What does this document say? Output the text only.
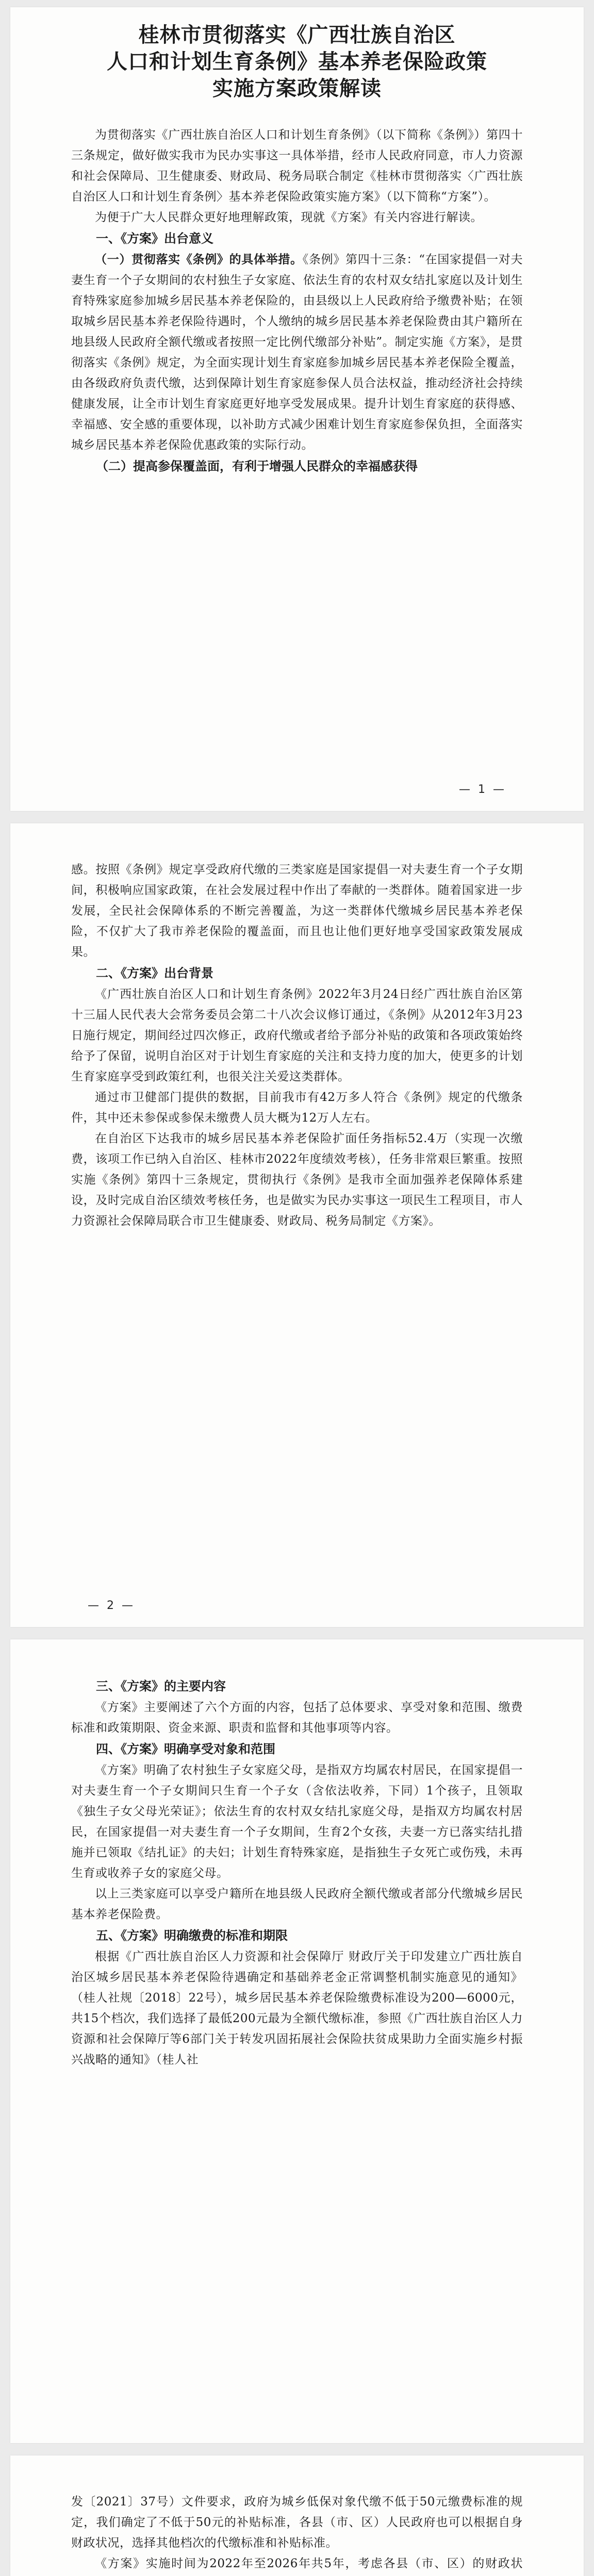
桂林市贯彻落实《广西壮族自治区
人口和计划生育条例》基本养老保险政策
实施方案政策解读

为贯彻落实《广西壮族自治区人口和计划生育条例》（以下简称《条例》）第四十三条规定，做好做实我市为民办实事这一具体举措，经市人民政府同意，市人力资源和社会保障局、卫生健康委、财政局、税务局联合制定《桂林市贯彻落实〈广西壮族自治区人口和计划生育条例〉基本养老保险政策实施方案》（以下简称“方案”）。

为便于广大人民群众更好地理解政策，现就《方案》有关内容进行解读。

一、《方案》出台意义

（一）贯彻落实《条例》的具体举措。《条例》第四十三条：“在国家提倡一对夫妻生育一个子女期间的农村独生子女家庭、依法生育的农村双女结扎家庭以及计划生育特殊家庭参加城乡居民基本养老保险的，由县级以上人民政府给予缴费补贴；在领取城乡居民基本养老保险待遇时，个人缴纳的城乡居民基本养老保险费由其户籍所在地县级人民政府全额代缴或者按照一定比例代缴部分补贴”。制定实施《方案》，是贯彻落实《条例》规定，为全面实现计划生育家庭参加城乡居民基本养老保险全覆盖，由各级政府负责代缴，达到保障计划生育家庭参保人员合法权益，推动经济社会持续健康发展，让全市计划生育家庭更好地享受发展成果。提升计划生育家庭的获得感、幸福感、安全感的重要体现，以补助方式减少困难计划生育家庭参保负担，全面落实城乡居民基本养老保险优惠政策的实际行动。

（二）提高参保覆盖面，有利于增强人民群众的幸福感获得

— 1 —

感。按照《条例》规定享受政府代缴的三类家庭是国家提倡一对夫妻生育一个子女期间，积极响应国家政策，在社会发展过程中作出了奉献的一类群体。随着国家进一步发展，全民社会保障体系的不断完善覆盖，为这一类群体代缴城乡居民基本养老保险，不仅扩大了我市养老保险的覆盖面，而且也让他们更好地享受国家政策发展成果。

二、《方案》出台背景

《广西壮族自治区人口和计划生育条例》2022年3月24日经广西壮族自治区第十三届人民代表大会常务委员会第二十八次会议修订通过，《条例》从2012年3月23日施行规定，期间经过四次修正，政府代缴或者给予部分补贴的政策和各项政策始终给予了保留，说明自治区对于计划生育家庭的关注和支持力度的加大，使更多的计划生育家庭享受到政策红利，也很关注关爱这类群体。

通过市卫健部门提供的数据，目前我市有42万多人符合《条例》规定的代缴条件，其中还未参保或参保未缴费人员大概为12万人左右。

在自治区下达我市的城乡居民基本养老保险扩面任务指标52.4万（实现一次缴费，该项工作已纳入自治区、桂林市2022年度绩效考核），任务非常艰巨繁重。按照实施《条例》第四十三条规定，贯彻执行《条例》是我市全面加强养老保障体系建设，及时完成自治区绩效考核任务，也是做实为民办实事这一项民生工程项目，市人力资源社会保障局联合市卫生健康委、财政局、税务局制定《方案》。

— 2 —

三、《方案》的主要内容

《方案》主要阐述了六个方面的内容，包括了总体要求、享受对象和范围、缴费标准和政策期限、资金来源、职责和监督和其他事项等内容。

四、《方案》明确享受对象和范围

《方案》明确了农村独生子女家庭父母，是指双方均属农村居民，在国家提倡一对夫妻生育一个子女期间只生育一个子女（含依法收养，下同）1个孩子，且领取《独生子女父母光荣证》；依法生育的农村双女结扎家庭父母，是指双方均属农村居民，在国家提倡一对夫妻生育一个子女期间，生育2个女孩，夫妻一方已落实结扎措施并已领取《结扎证》的夫妇；计划生育特殊家庭，是指独生子女死亡或伤残，未再生育或收养子女的家庭父母。

以上三类家庭可以享受户籍所在地县级人民政府全额代缴或者部分代缴城乡居民基本养老保险费。

五、《方案》明确缴费的标准和期限

根据《广西壮族自治区人力资源和社会保障厅 财政厅关于印发建立广西壮族自治区城乡居民基本养老保险待遇确定和基础养老金正常调整机制实施意见的通知》（桂人社规〔2018〕22号），城乡居民基本养老保险缴费标准设为200—6000元，共15个档次，我们选择了最低200元最为全额代缴标准，参照《广西壮族自治区人力资源和社会保障厅等6部门关于转发巩固拓展社会保险扶贫成果助力全面实施乡村振兴战略的通知》（桂人社

发〔2021〕37号）文件要求，政府为城乡低保对象代缴不低于50元缴费标准的规定，我们确定了不低于50元的补贴标准，各县（市、区）人民政府也可以根据自身财政状况，选择其他档次的代缴标准和补贴标准。

《方案》实施时间为2022年至2026年共5年，考虑各县（市、区）的财政状
